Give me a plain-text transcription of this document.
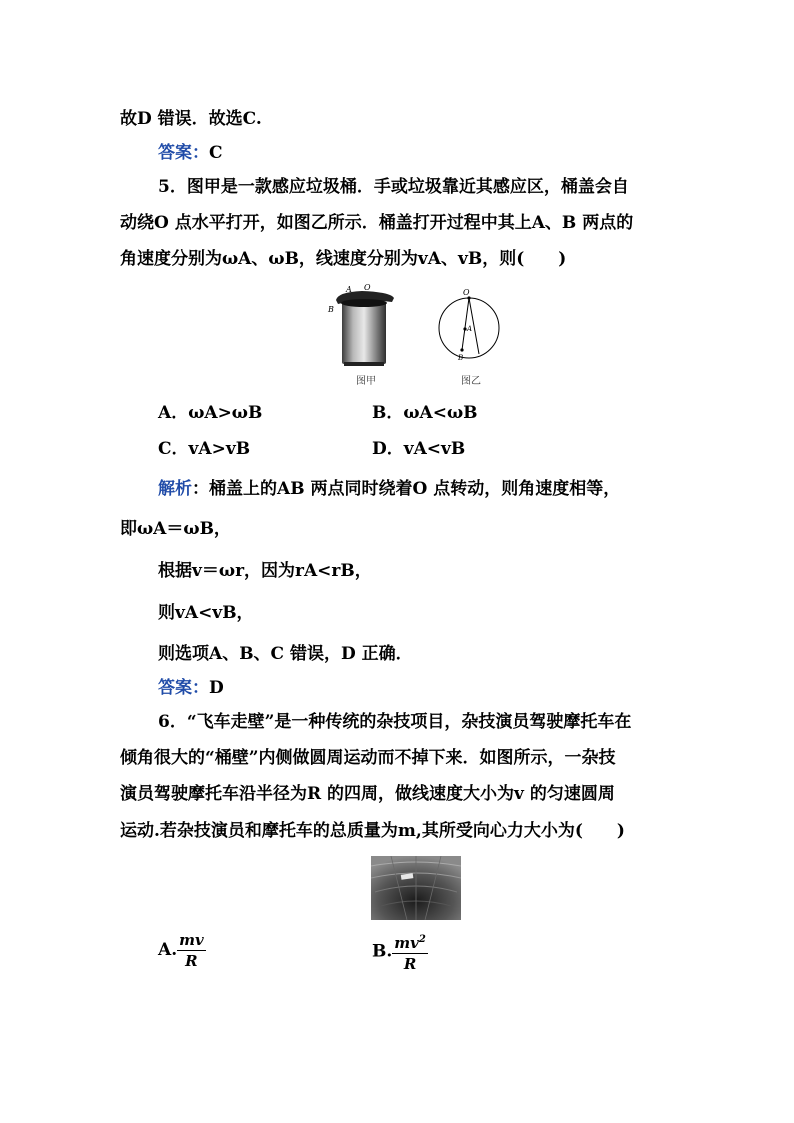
故D 错误．故选C.
答案：C
5．图甲是一款感应垃圾桶．手或垃圾靠近其感应区，桶盖会自
动绕O 点水平打开，如图乙所示．桶盖打开过程中其上A、B 两点的
角速度分别为ωA、ωB，线速度分别为vA、vB，则(　　)
A O
B
图甲
O
A
B
图乙
A．ωA>ωB	B．ωA<ωB
C．vA>vB	D．vA<vB
解析：桶盖上的AB 两点同时绕着O 点转动，则角速度相等，
即ωA＝ωB，
根据v＝ωr，因为rA<rB，
则vA<vB，
则选项A、B、C 错误，D 正确．
答案：D
6．“飞车走壁”是一种传统的杂技项目，杂技演员驾驶摩托车在
倾角很大的“桶壁”内侧做圆周运动而不掉下来．如图所示，一杂技
演员驾驶摩托车沿半径为R 的四周，做线速度大小为v 的匀速圆周
运动.若杂技演员和摩托车的总质量为m,其所受向心力大小为(　　)
A. $\frac{mv}{R}$	B. $\frac{mv^2}{R}$
